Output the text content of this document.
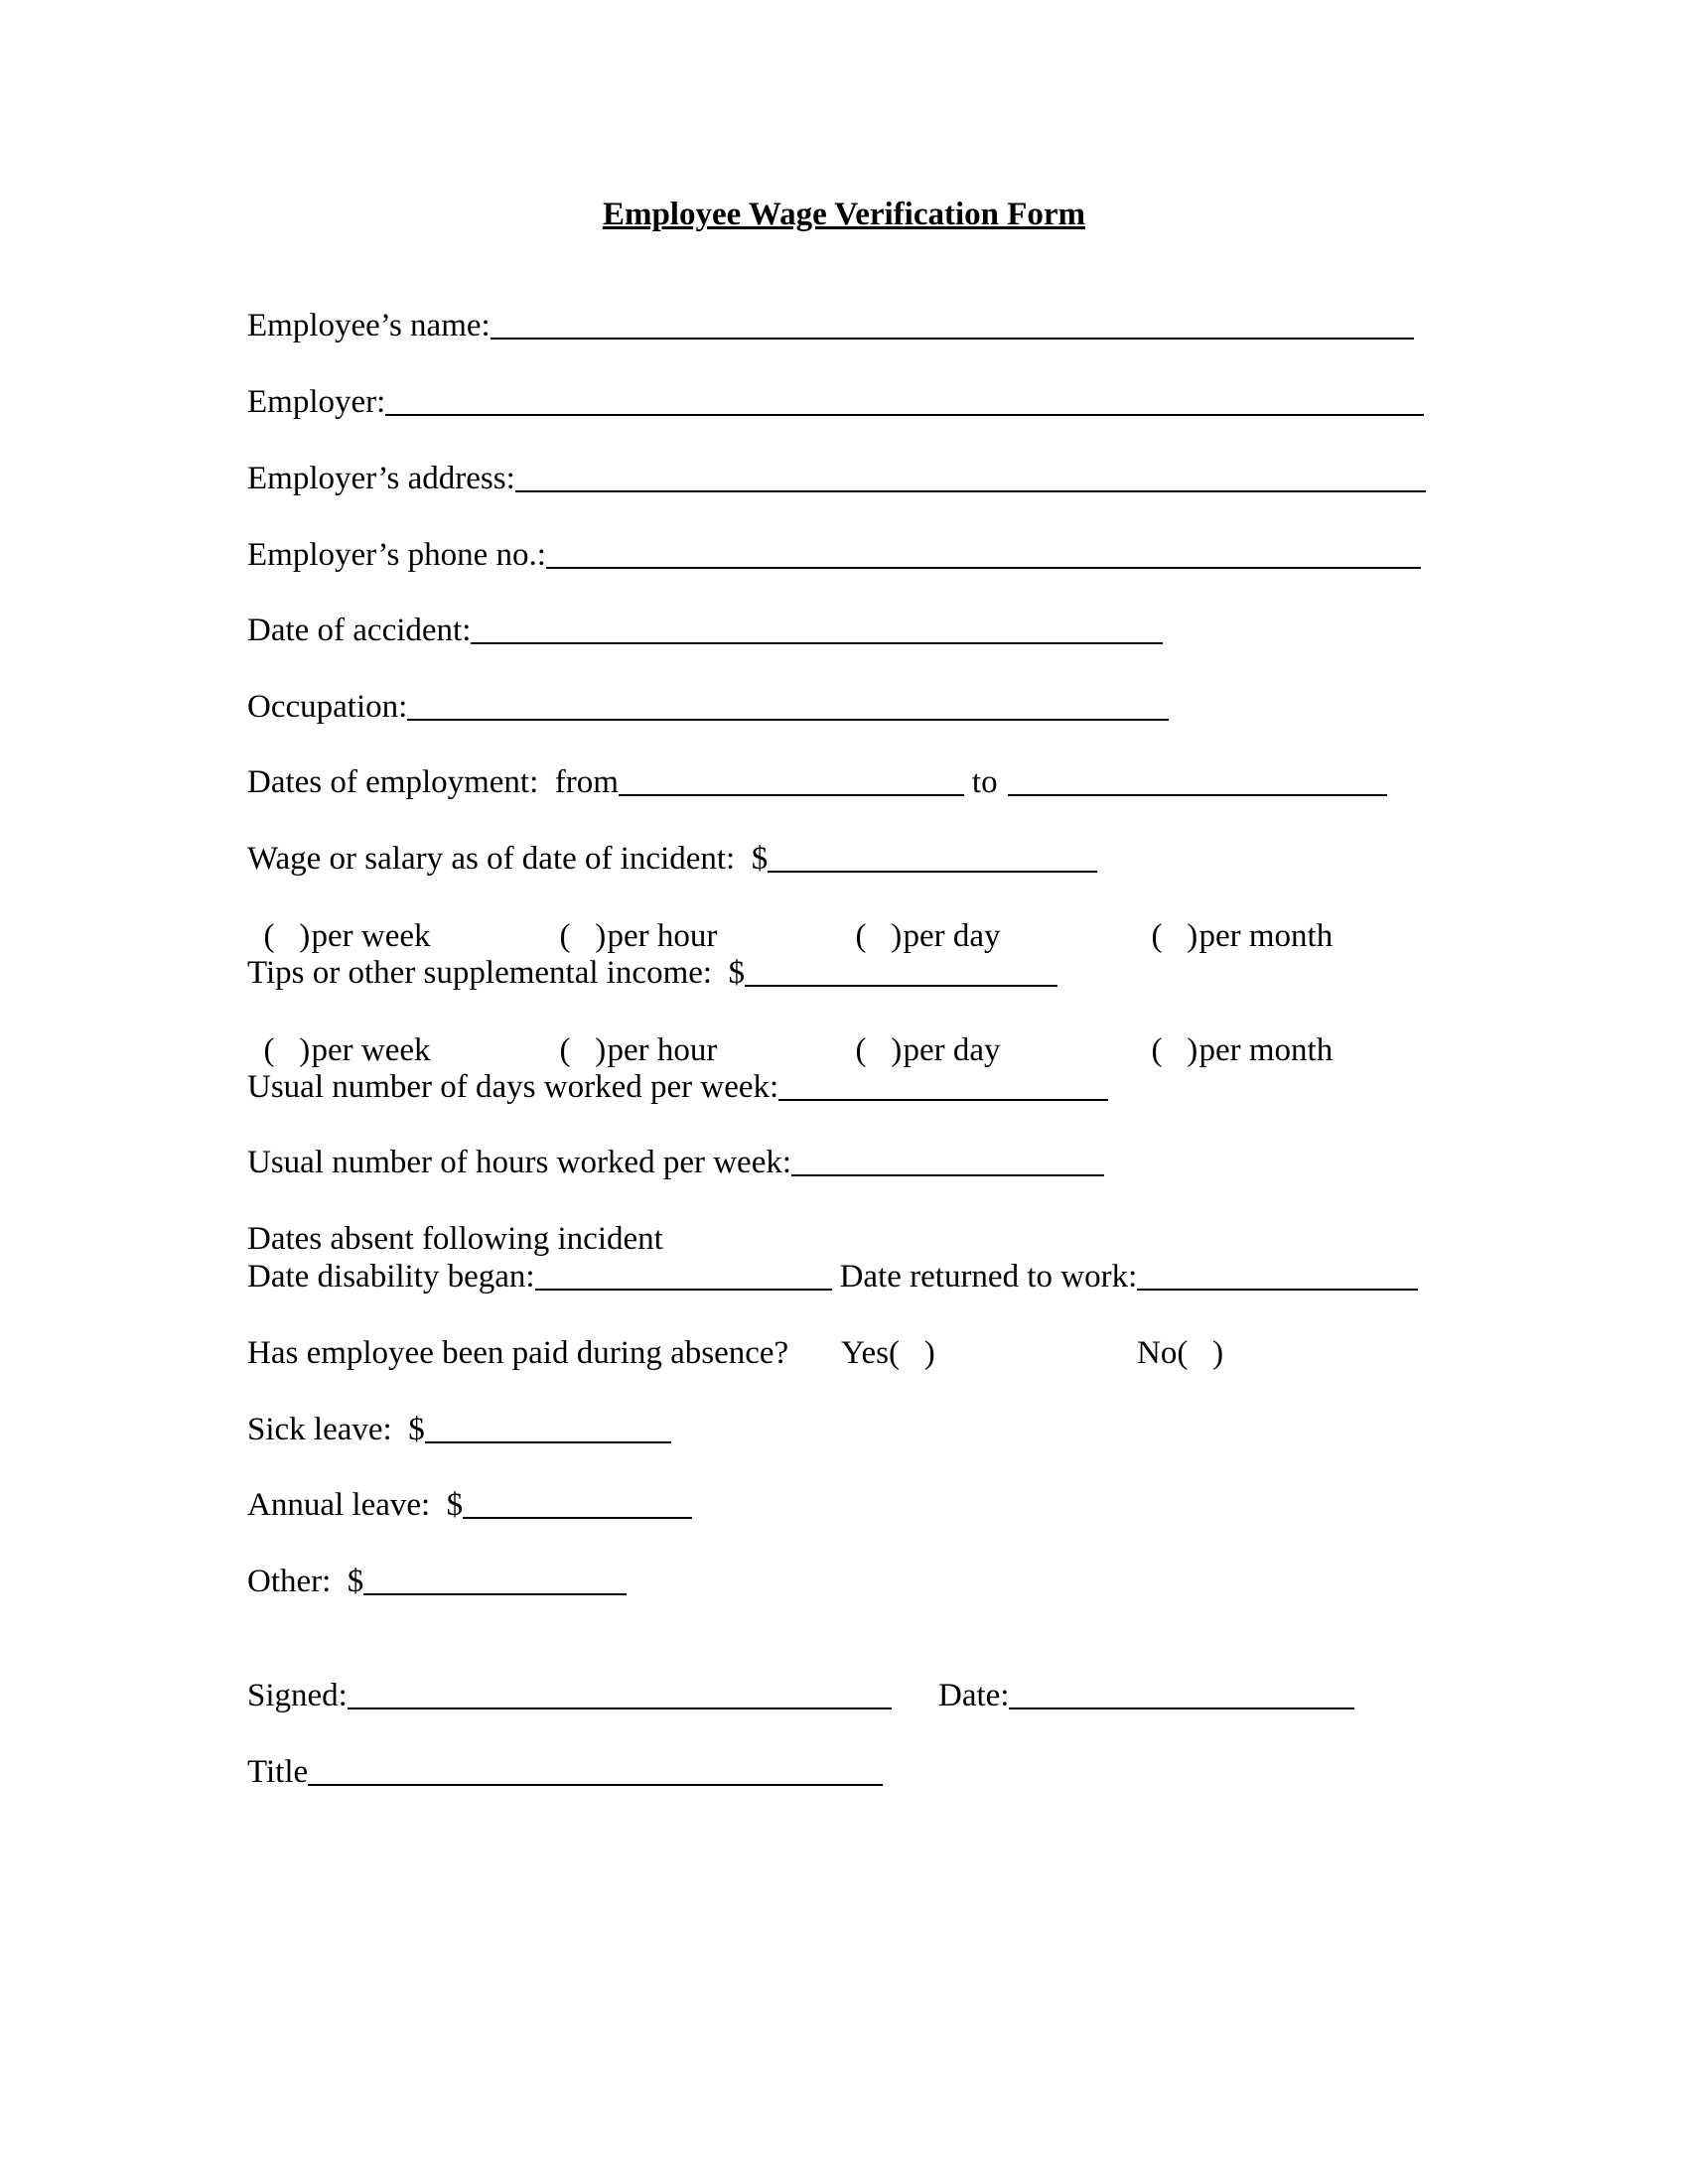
Employee Wage Verification Form
Employee’s name:
Employer:
Employer’s address:
Employer’s phone no.:
Date of accident:
Occupation:
Dates of employment:  from	to
Wage or salary as of date of incident:  $

(   )per week	(   )per hour	(   )per day	(   )per month

Tips or other supplemental income:  $

(   )per week	(   )per hour	(   )per day	(   )per month

Usual number of days worked per week:
Usual number of hours worked per week:
Dates absent following incident
Date disability began:	Date returned to work:
Has employee been paid during absence? Yes(   )	No(   )
Sick leave:  $
Annual leave:  $
Other:  $
Signed:	Date:
Title
